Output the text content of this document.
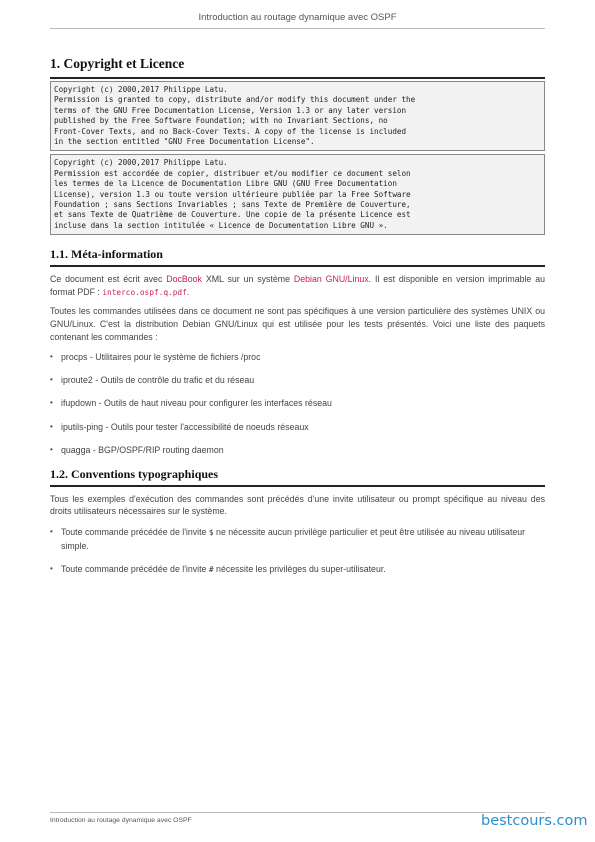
Introduction au routage dynamique avec OSPF
1. Copyright et Licence
Copyright (c) 2000,2017 Philippe Latu.
Permission is granted to copy, distribute and/or modify this document under the
terms of the GNU Free Documentation License, Version 1.3 or any later version
published by the Free Software Foundation; with no Invariant Sections, no
Front-Cover Texts, and no Back-Cover Texts. A copy of the license is included
in the section entitled "GNU Free Documentation License".
Copyright (c) 2000,2017 Philippe Latu.
Permission est accordée de copier, distribuer et/ou modifier ce document selon
les termes de la Licence de Documentation Libre GNU (GNU Free Documentation
License), version 1.3 ou toute version ultérieure publiée par la Free Software
Foundation ; sans Sections Invariables ; sans Texte de Première de Couverture,
et sans Texte de Quatrième de Couverture. Une copie de la présente Licence est
incluse dans la section intitulée « Licence de Documentation Libre GNU ».
1.1. Méta-information

Ce document est écrit avec DocBook XML sur un système Debian GNU/Linux. Il est disponible en version imprimable au format PDF : interco.ospf.q.pdf.

Toutes les commandes utilisées dans ce document ne sont pas spécifiques à une version particulière des systèmes UNIX ou GNU/Linux. C'est la distribution Debian GNU/Linux qui est utilisée pour les tests présentés. Voici une liste des paquets contenant les commandes :

• procps - Utilitaires pour le système de fichiers /proc
• iproute2 - Outils de contrôle du trafic et du réseau
• ifupdown - Outils de haut niveau pour configurer les interfaces réseau
• iputils-ping - Outils pour tester l'accessibilité de noeuds réseaux
• quagga - BGP/OSPF/RIP routing daemon
1.2. Conventions typographiques

Tous les exemples d'exécution des commandes sont précédés d'une invite utilisateur ou prompt spécifique au niveau des droits utilisateurs nécessaires sur le système.

• Toute commande précédée de l'invite $ ne nécessite aucun privilège particulier et peut être utilisée au niveau utilisateur simple.
• Toute commande précédée de l'invite # nécessite les privilèges du super-utilisateur.
Introduction au routage dynamique avec OSPF	bestcours.com
